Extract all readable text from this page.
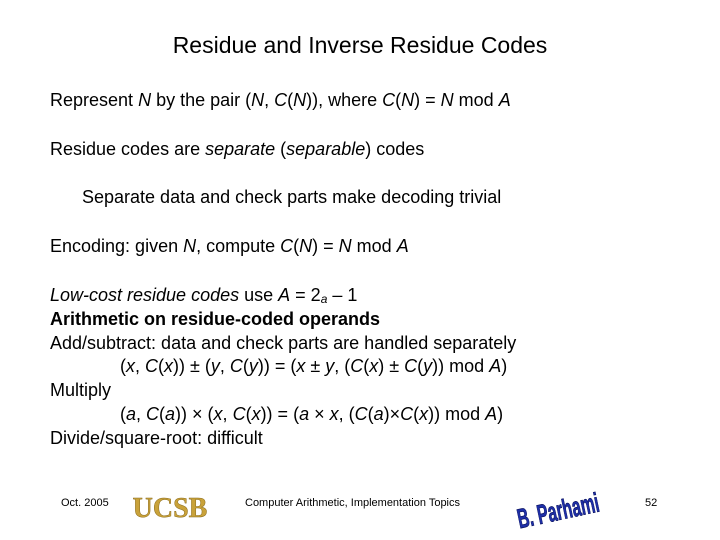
Residue and Inverse Residue Codes
Represent N by the pair (N, C(N)), where C(N) = N mod A
Residue codes are separate (separable) codes
Separate data and check parts make decoding trivial
Encoding: given N, compute C(N) = N mod A
Low-cost residue codes use A = 2a – 1
Arithmetic on residue-coded operands
Add/subtract: data and check parts are handled separately
(x, C(x)) ± (y, C(y)) = (x ± y, (C(x) ± C(y)) mod A)
Multiply
(a, C(a)) × (x, C(x)) = (a × x, (C(a)×C(x)) mod A)
Divide/square-root: difficult
Oct. 2005 UCSB	Computer Arithmetic, Implementation Topics B. Parhami	52
